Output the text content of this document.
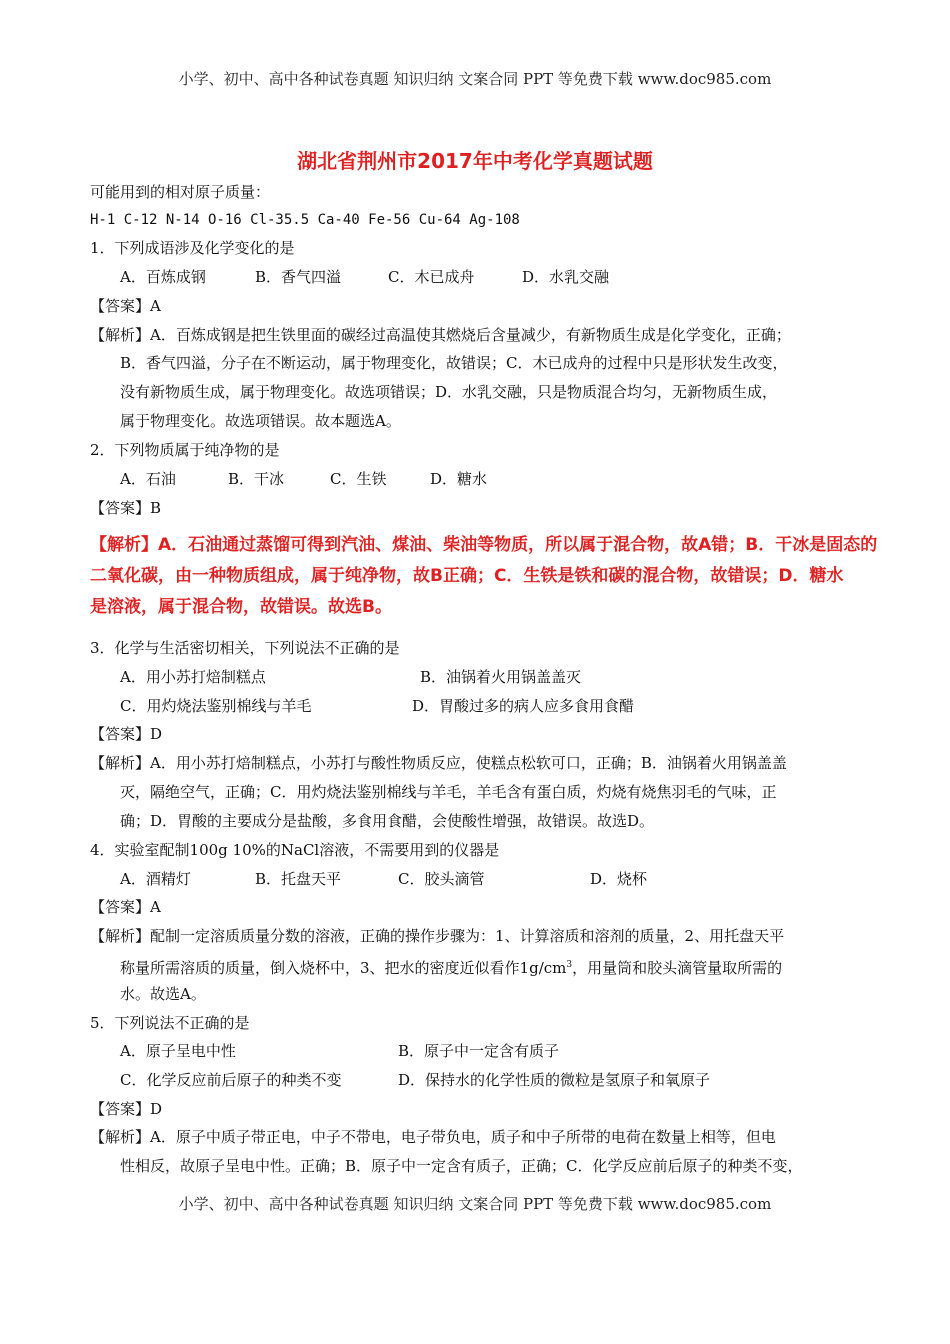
小学、初中、高中各种试卷真题 知识归纳 文案合同 PPT 等免费下载 www.doc985.com
湖北省荆州市2017年中考化学真题试题
可能用到的相对原子质量：
H-1 C-12 N-14 O-16 Cl-35.5 Ca-40 Fe-56 Cu-64 Ag-108
1．下列成语涉及化学变化的是
A．百炼成钢	B．香气四溢	C．木已成舟	D．水乳交融
【答案】A
【解析】A．百炼成钢是把生铁里面的碳经过高温使其燃烧后含量减少，有新物质生成是化学变化，正确；
B．香气四溢，分子在不断运动，属于物理变化，故错误；C．木已成舟的过程中只是形状发生改变，
没有新物质生成，属于物理变化。故选项错误；D．水乳交融，只是物质混合均匀，无新物质生成，
属于物理变化。故选项错误。故本题选A。
2．下列物质属于纯净物的是
A．石油	B．干冰	C．生铁	D．糖水
【答案】B
【解析】A．石油通过蒸馏可得到汽油、煤油、柴油等物质，所以属于混合物，故A错；B．干冰是固态的
二氧化碳，由一种物质组成，属于纯净物，故B正确；C．生铁是铁和碳的混合物，故错误；D．糖水
是溶液，属于混合物，故错误。故选B。
3．化学与生活密切相关，下列说法不正确的是
A．用小苏打焙制糕点	B．油锅着火用锅盖盖灭
C．用灼烧法鉴别棉线与羊毛	D．胃酸过多的病人应多食用食醋
【答案】D
【解析】A．用小苏打焙制糕点，小苏打与酸性物质反应，使糕点松软可口，正确；B．油锅着火用锅盖盖
灭，隔绝空气，正确；C．用灼烧法鉴别棉线与羊毛，羊毛含有蛋白质，灼烧有烧焦羽毛的气味，正
确；D．胃酸的主要成分是盐酸，多食用食醋，会使酸性增强，故错误。故选D。
4．实验室配制100g 10%的NaCl溶液，不需要用到的仪器是
A．酒精灯	B．托盘天平	C．胶头滴管	D．烧杯
【答案】A
【解析】配制一定溶质质量分数的溶液，正确的操作步骤为：1、计算溶质和溶剂的质量，2、用托盘天平
称量所需溶质的质量，倒入烧杯中，3、把水的密度近似看作$1g/cm^3$，用量筒和胶头滴管量取所需的
水。故选A。
5．下列说法不正确的是
A．原子呈电中性	B．原子中一定含有质子
C．化学反应前后原子的种类不变	D．保持水的化学性质的微粒是氢原子和氧原子
【答案】D
【解析】A．原子中质子带正电，中子不带电，电子带负电，质子和中子所带的电荷在数量上相等，但电
性相反，故原子呈电中性。正确；B．原子中一定含有质子，正确；C．化学反应前后原子的种类不变，
小学、初中、高中各种试卷真题 知识归纳 文案合同 PPT 等免费下载 www.doc985.com
